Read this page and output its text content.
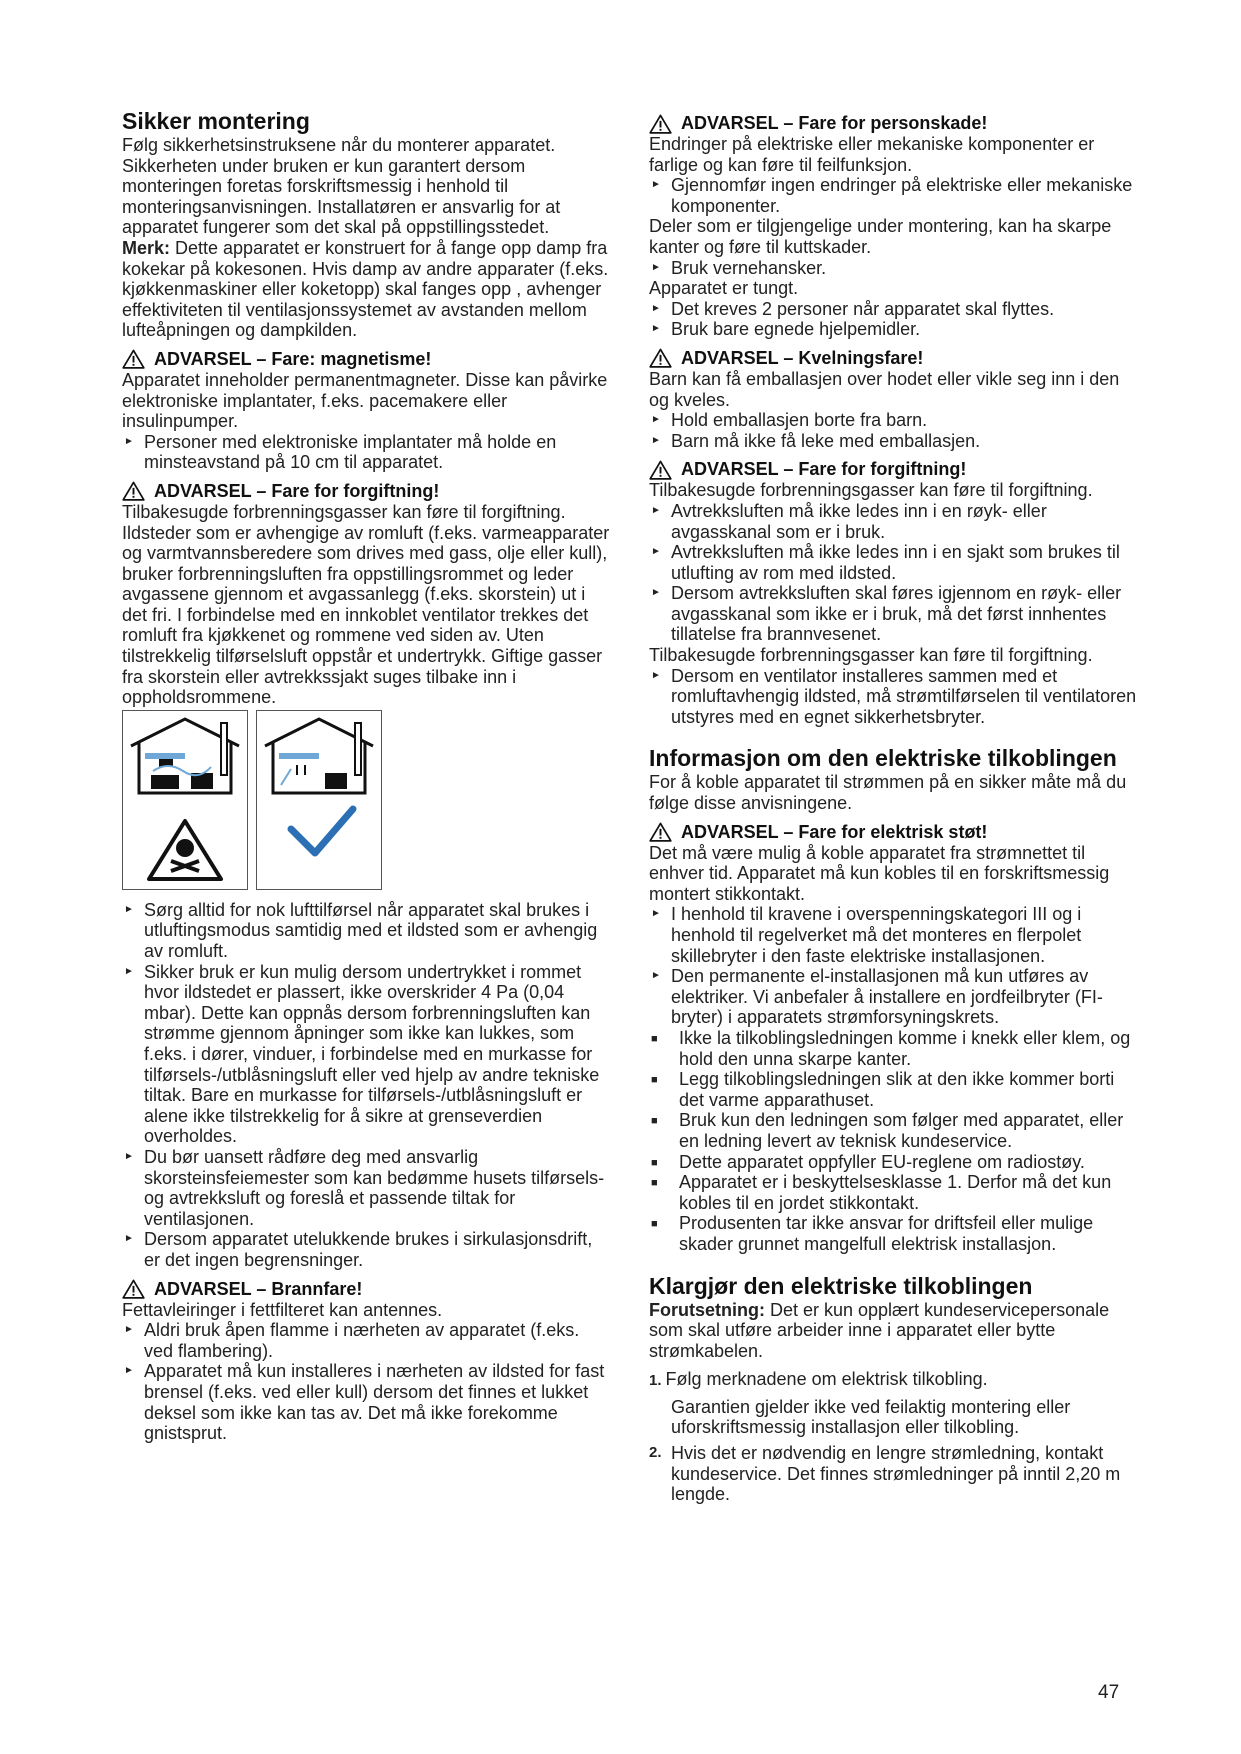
Sikker montering

Følg sikkerhetsinstruksene når du monterer apparatet.

Sikkerheten under bruken er kun garantert dersom monteringen foretas forskriftsmessig i henhold til monteringsanvisningen. Installatøren er ansvarlig for at apparatet fungerer som det skal på oppstillingsstedet.

Merk: Dette apparatet er konstruert for å fange opp damp fra kokekar på kokesonen. Hvis damp av andre apparater (f.eks. kjøkkenmaskiner eller koketopp) skal fanges opp , avhenger effektiviteten til ventilasjonssystemet av avstanden mellom lufteåpningen og dampkilden.

ADVARSEL – Fare: magnetisme!

Apparatet inneholder permanentmagneter. Disse kan påvirke elektroniske implantater, f.eks. pacemakere eller insulinpumper.

► Personer med elektroniske implantater må holde en minsteavstand på 10 cm til apparatet.
ADVARSEL – Fare for forgiftning!

Tilbakesugde forbrenningsgasser kan føre til forgiftning. Ildsteder som er avhengige av romluft (f.eks. varmeapparater og varmtvannsberedere som drives med gass, olje eller kull), bruker forbrenningsluften fra oppstillingsrommet og leder avgassene gjennom et avgassanlegg (f.eks. skorstein) ut i det fri. I forbindelse med en innkoblet ventilator trekkes det romluft fra kjøkkenet og rommene ved siden av. Uten tilstrekkelig tilførselsluft oppstår et undertrykk. Giftige gasser fra skorstein eller avtrekkssjakt suges tilbake inn i oppholdsrommene.

► Sørg alltid for nok lufttilførsel når apparatet skal brukes i utluftingsmodus samtidig med et ildsted som er avhengig av romluft.
► Sikker bruk er kun mulig dersom undertrykket i rommet hvor ildstedet er plassert, ikke overskrider 4 Pa (0,04 mbar). Dette kan oppnås dersom forbrenningsluften kan strømme gjennom åpninger som ikke kan lukkes, som f.eks. i dører, vinduer, i forbindelse med en murkasse for tilførsels-/utblåsningsluft eller ved hjelp av andre tekniske tiltak. Bare en murkasse for tilførsels-/utblåsningsluft er alene ikke tilstrekkelig for å sikre at grenseverdien overholdes.
► Du bør uansett rådføre deg med ansvarlig skorsteinsfeiemester som kan bedømme husets tilførsels- og avtrekksluft og foreslå et passende tiltak for ventilasjonen.
► Dersom apparatet utelukkende brukes i sirkulasjonsdrift, er det ingen begrensninger.
ADVARSEL – Brannfare!

Fettavleiringer i fettfilteret kan antennes.

► Aldri bruk åpen flamme i nærheten av apparatet (f.eks. ved flambering).
► Apparatet må kun installeres i nærheten av ildsted for fast brensel (f.eks. ved eller kull) dersom det finnes et lukket deksel som ikke kan tas av. Det må ikke forekomme gnistsprut.
ADVARSEL – Fare for personskade!

Endringer på elektriske eller mekaniske komponenter er farlige og kan føre til feilfunksjon.

► Gjennomfør ingen endringer på elektriske eller mekaniske komponenter.

Deler som er tilgjengelige under montering, kan ha skarpe kanter og føre til kuttskader.

► Bruk vernehansker.

Apparatet er tungt.

► Det kreves 2 personer når apparatet skal flyttes.
► Bruk bare egnede hjelpemidler.
ADVARSEL – Kvelningsfare!

Barn kan få emballasjen over hodet eller vikle seg inn i den og kveles.

► Hold emballasjen borte fra barn.
► Barn må ikke få leke med emballasjen.
ADVARSEL – Fare for forgiftning!

Tilbakesugde forbrenningsgasser kan føre til forgiftning.

► Avtrekksluften må ikke ledes inn i en røyk- eller avgasskanal som er i bruk.
► Avtrekksluften må ikke ledes inn i en sjakt som brukes til utlufting av rom med ildsted.
► Dersom avtrekksluften skal føres igjennom en røyk- eller avgasskanal som ikke er i bruk, må det først innhentes tillatelse fra brannvesenet.

Tilbakesugde forbrenningsgasser kan føre til forgiftning.

► Dersom en ventilator installeres sammen med et romluftavhengig ildsted, må strømtilførselen til ventilatoren utstyres med en egnet sikkerhetsbryter.
Informasjon om den elektriske tilkoblingen

For å koble apparatet til strømmen på en sikker måte må du følge disse anvisningene.

ADVARSEL – Fare for elektrisk støt!

Det må være mulig å koble apparatet fra strømnettet til enhver tid. Apparatet må kun kobles til en forskriftsmessig montert stikkontakt.

► I henhold til kravene i overspenningskategori III og i henhold til regelverket må det monteres en flerpolet skillebryter i den faste elektriske installasjonen.
► Den permanente el-installasjonen må kun utføres av elektriker. Vi anbefaler å installere en jordfeilbryter (FI-bryter) i apparatets strømforsyningskrets.
■ Ikke la tilkoblingsledningen komme i knekk eller klem, og hold den unna skarpe kanter.
■ Legg tilkoblingsledningen slik at den ikke kommer borti det varme apparathuset.
■ Bruk kun den ledningen som følger med apparatet, eller en ledning levert av teknisk kundeservice.
■ Dette apparatet oppfyller EU-reglene om radiostøy.
■ Apparatet er i beskyttelsesklasse 1. Derfor må det kun kobles til en jordet stikkontakt.
■ Produsenten tar ikke ansvar for driftsfeil eller mulige skader grunnet mangelfull elektrisk installasjon.
Klargjør den elektriske tilkoblingen

Forutsetning: Det er kun opplært kundeservicepersonale som skal utføre arbeider inne i apparatet eller bytte strømkabelen.

1. Følg merknadene om elektrisk tilkobling.

Garantien gjelder ikke ved feilaktig montering eller uforskriftsmessig installasjon eller tilkobling.

2. Hvis det er nødvendig en lengre strømledning, kontakt kundeservice. Det finnes strømledninger på inntil 2,20 m lengde.
47
